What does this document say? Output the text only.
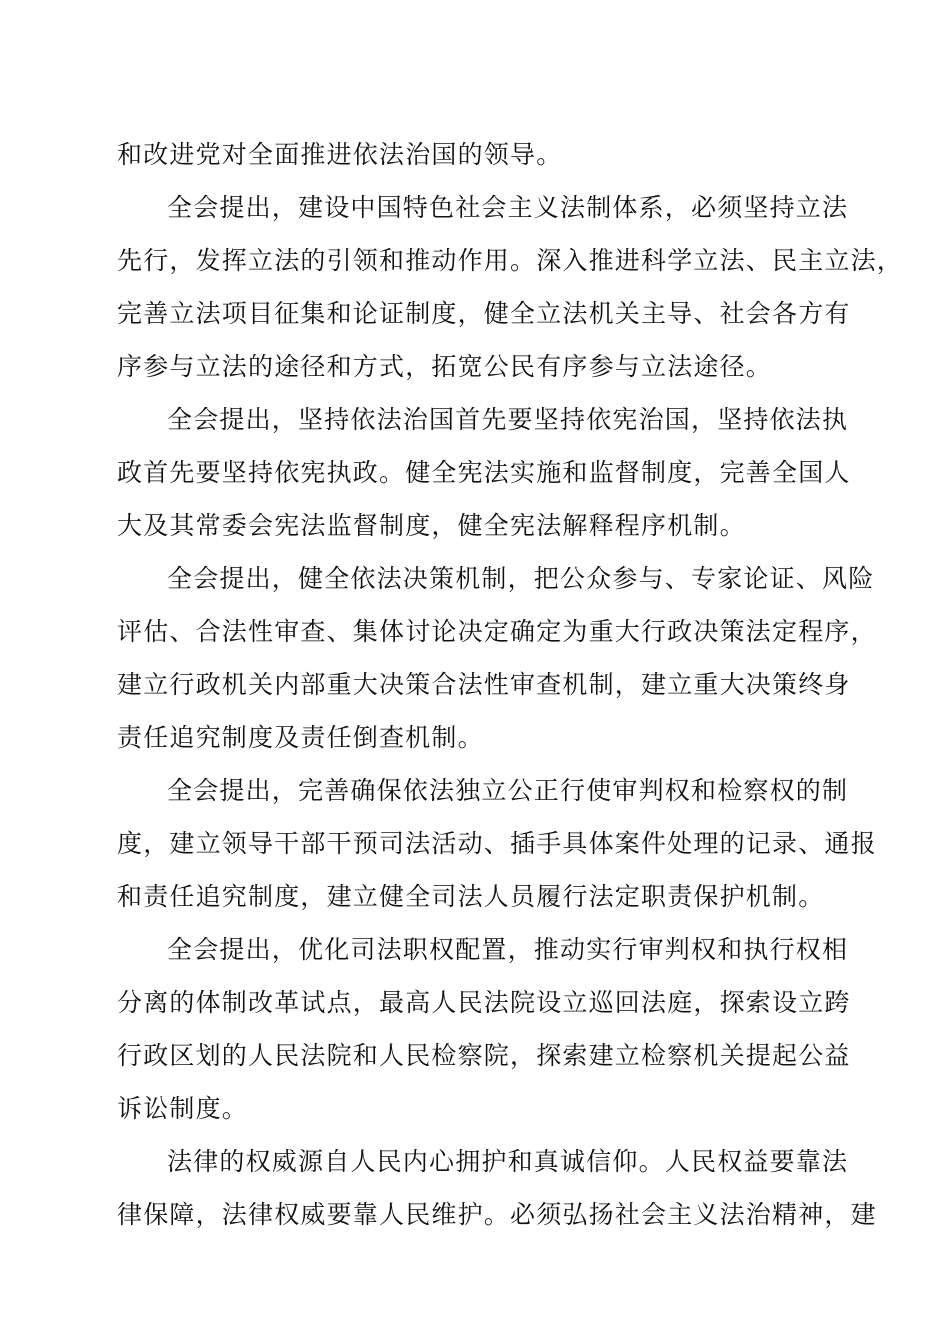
和改进党对全面推进依法治国的领导。
全会提出，建设中国特色社会主义法制体系，必须坚持立法
先行，发挥立法的引领和推动作用。深入推进科学立法、民主立法，
完善立法项目征集和论证制度，健全立法机关主导、社会各方有
序参与立法的途径和方式，拓宽公民有序参与立法途径。
全会提出，坚持依法治国首先要坚持依宪治国，坚持依法执
政首先要坚持依宪执政。健全宪法实施和监督制度，完善全国人
大及其常委会宪法监督制度，健全宪法解释程序机制。
全会提出，健全依法决策机制，把公众参与、专家论证、风险
评估、合法性审查、集体讨论决定确定为重大行政决策法定程序，
建立行政机关内部重大决策合法性审查机制，建立重大决策终身
责任追究制度及责任倒查机制。
全会提出，完善确保依法独立公正行使审判权和检察权的制
度，建立领导干部干预司法活动、插手具体案件处理的记录、通报
和责任追究制度，建立健全司法人员履行法定职责保护机制。
全会提出，优化司法职权配置，推动实行审判权和执行权相
分离的体制改革试点，最高人民法院设立巡回法庭，探索设立跨
行政区划的人民法院和人民检察院，探索建立检察机关提起公益
诉讼制度。
法律的权威源自人民内心拥护和真诚信仰。人民权益要靠法
律保障，法律权威要靠人民维护。必须弘扬社会主义法治精神，建
